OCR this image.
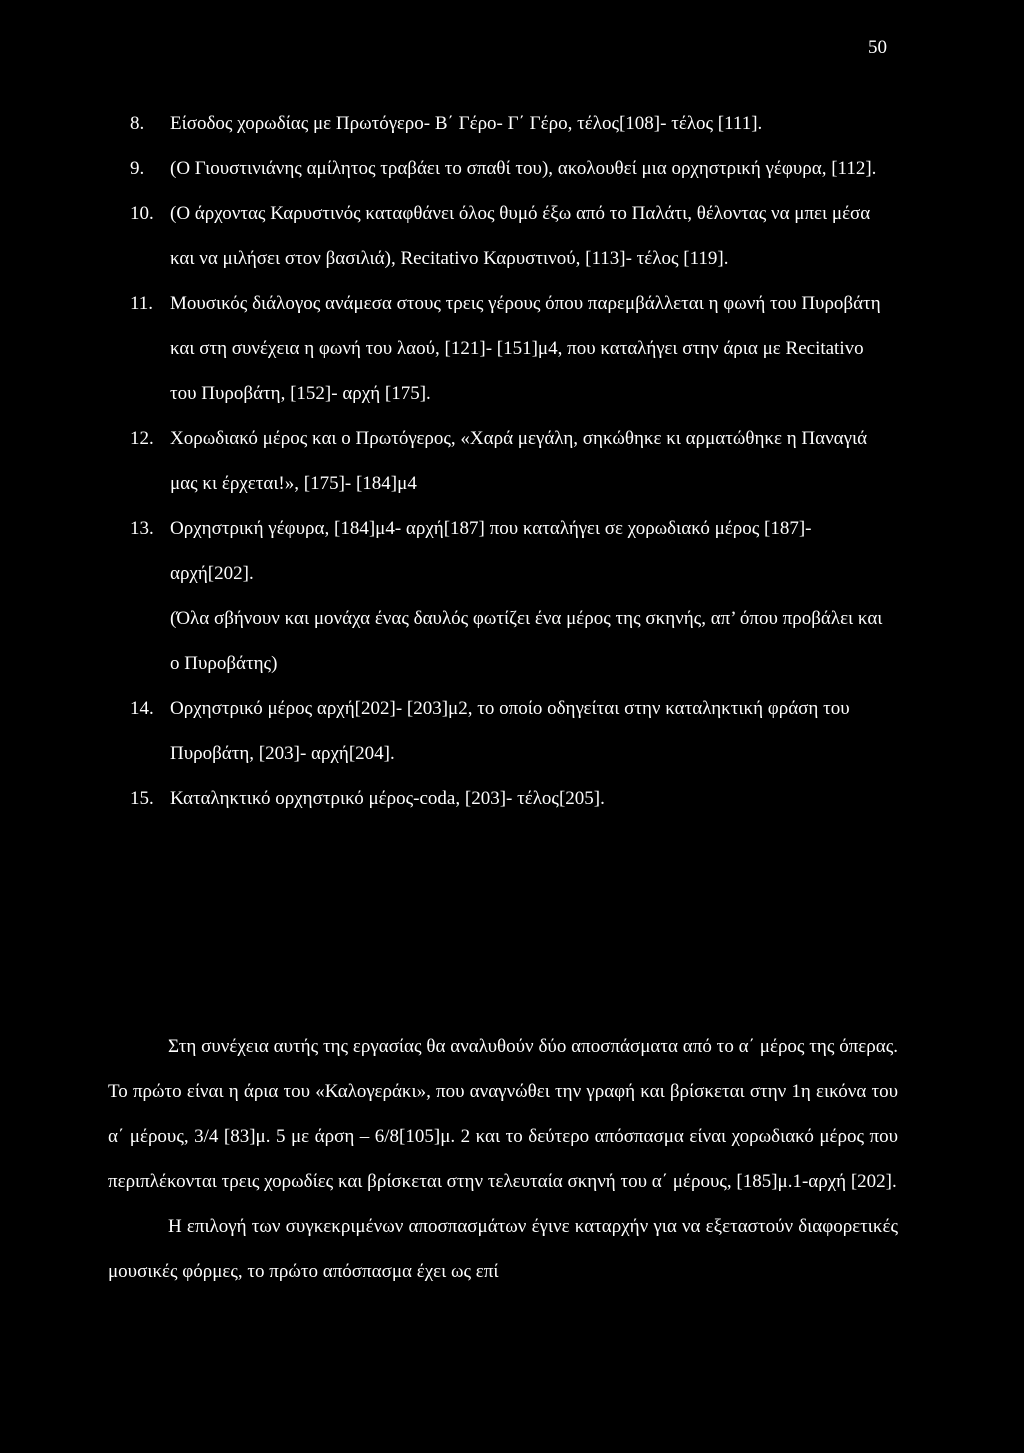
50
8.	Είσοδος χορωδίας με Πρωτόγερο- Β΄ Γέρο- Γ΄ Γέρο, τέλος[108]- τέλος [111].
9.	(Ο Γιουστινιάνης αμίλητος τραβάει το σπαθί του), ακολουθεί μια ορχηστρική γέφυρα, [112].
10. (Ο άρχοντας Καρυστινός καταφθάνει όλος θυμό έξω από το Παλάτι, θέλοντας να μπει μέσα και να μιλήσει στον βασιλιά), Recitativo Καρυστινού, [113]- τέλος [119].
11. Μουσικός διάλογος ανάμεσα στους τρεις γέρους όπου παρεμβάλλεται η φωνή του Πυροβάτη και στη συνέχεια η φωνή του λαού, [121]- [151]μ4, που καταλήγει στην άρια με Recitativo του Πυροβάτη, [152]- αρχή [175].
12. Χορωδιακό μέρος και ο Πρωτόγερος, «Χαρά μεγάλη, σηκώθηκε κι αρματώθηκε η Παναγιά μας κι έρχεται!», [175]- [184]μ4
13. Ορχηστρική γέφυρα, [184]μ4- αρχή[187] που καταλήγει σε χορωδιακό μέρος [187]- αρχή[202].
(Όλα σβήνουν και μονάχα ένας δαυλός φωτίζει ένα μέρος της σκηνής, απ’ όπου προβάλει και ο Πυροβάτης)
14. Ορχηστρικό μέρος αρχή[202]- [203]μ2, το οποίο οδηγείται στην καταληκτική φράση του Πυροβάτη, [203]- αρχή[204].
15. Καταληκτικό ορχηστρικό μέρος-coda, [203]- τέλος[205].

Στη συνέχεια αυτής της εργασίας θα αναλυθούν δύο αποσπάσματα από το α΄ μέρος της όπερας. Το πρώτο είναι η άρια του «Καλογεράκι», που αναγνώθει την γραφή και βρίσκεται στην 1η εικόνα του α΄ μέρους, 3/4 [83]μ. 5 με άρση – 6/8[105]μ. 2 και το δεύτερο απόσπασμα είναι χορωδιακό μέρος που περιπλέκονται τρεις χορωδίες και βρίσκεται στην τελευταία σκηνή του α΄ μέρους, [185]μ.1-αρχή [202].

Η επιλογή των συγκεκριμένων αποσπασμάτων έγινε καταρχήν για να εξεταστούν διαφορετικές μουσικές φόρμες, το πρώτο απόσπασμα έχει ως επί
